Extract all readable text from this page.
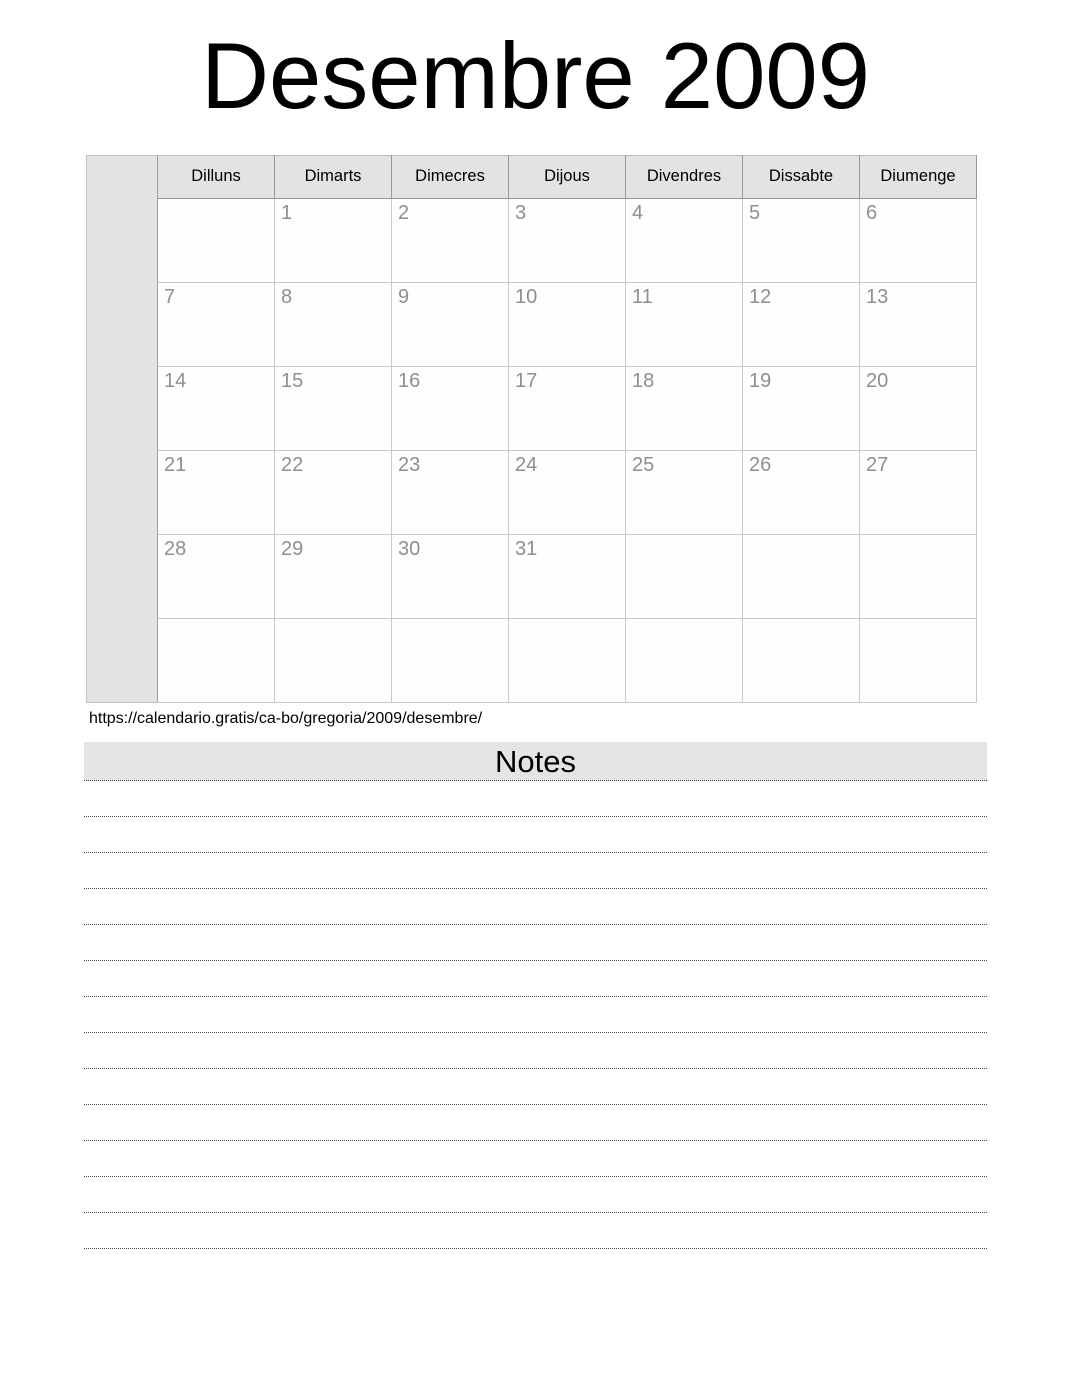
Desembre 2009
	Dilluns	Dimarts	Dimecres	Dijous	Divendres	Dissabte	Diumenge
		1	2	3	4	5	6
	7	8	9	10	11	12	13
	14	15	16	17	18	19	20
	21	22	23	24	25	26	27
	28	29	30	31			

https://calendario.gratis/ca-bo/gregoria/2009/desembre/
Notes
